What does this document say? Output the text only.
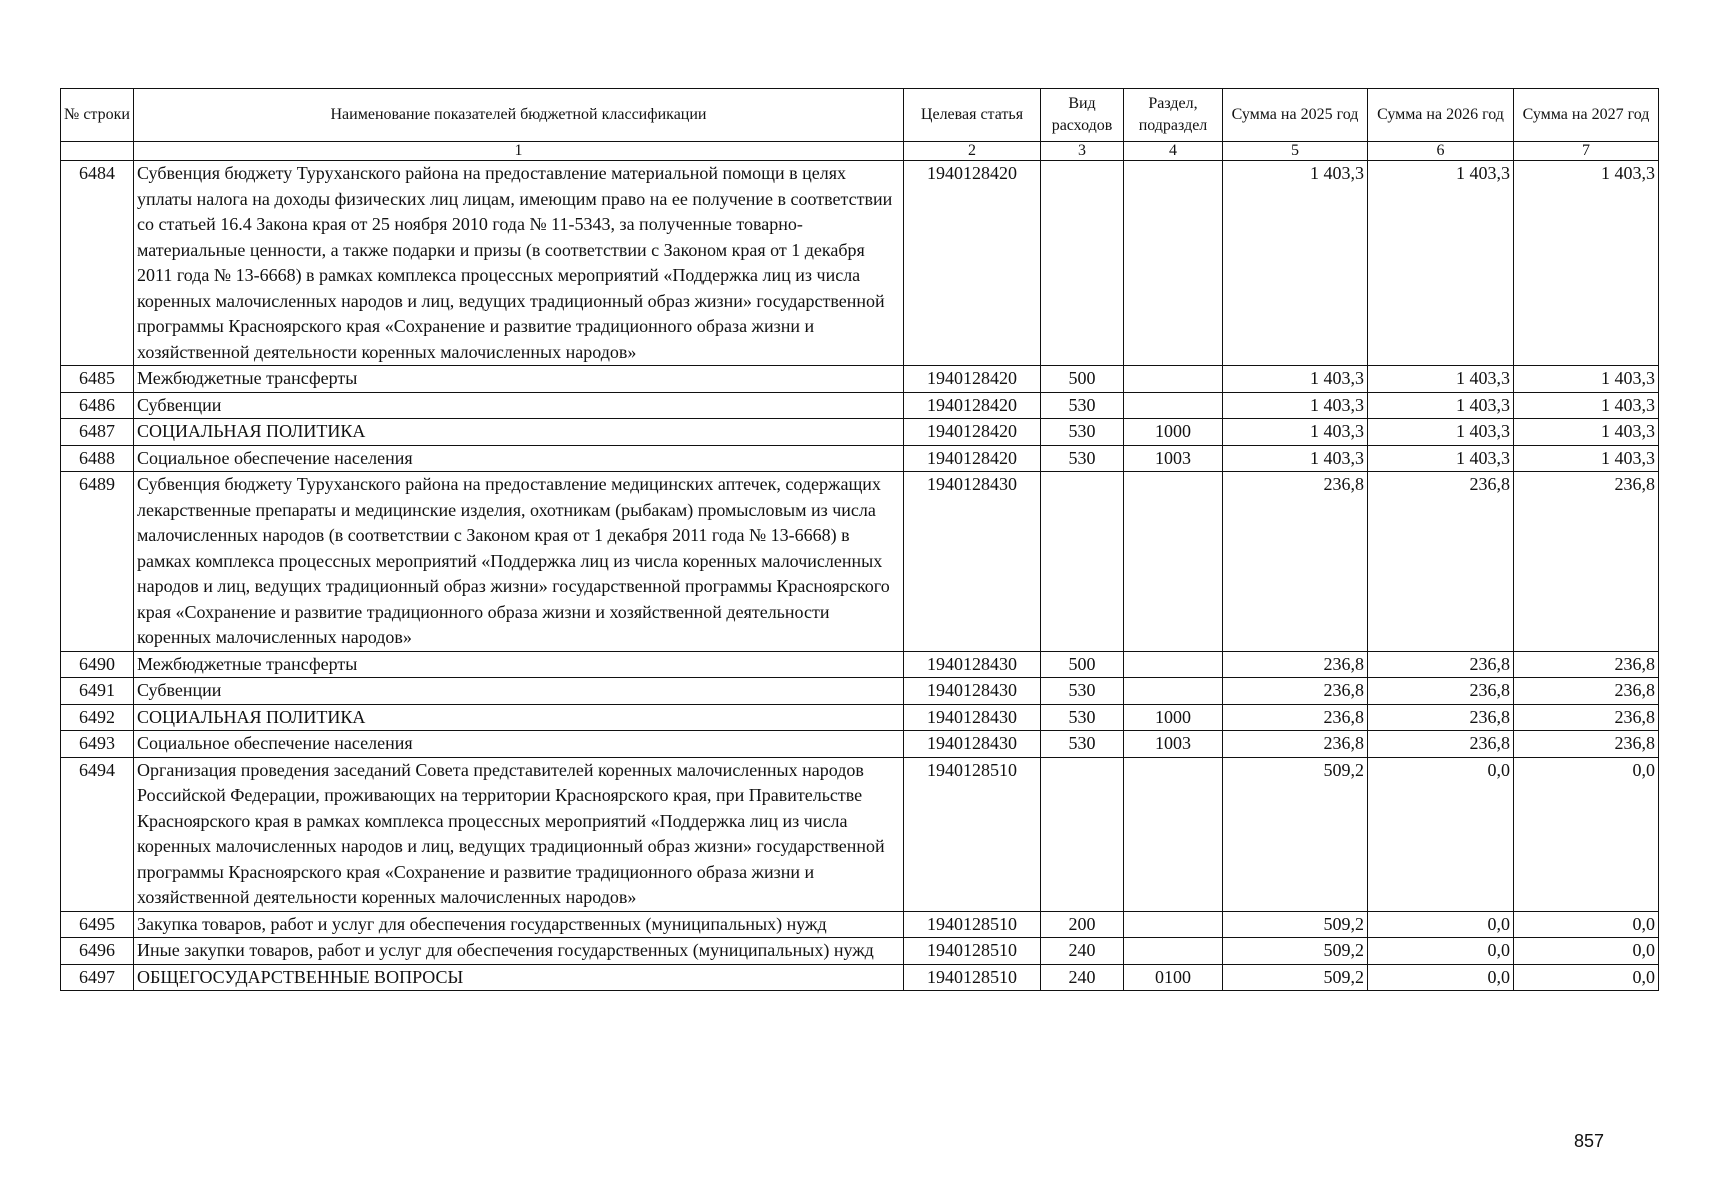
№ строки	Наименование показателей бюджетной классификации	Целевая статья	Вид расходов	Раздел, подраздел	Сумма на 2025 год	Сумма на 2026 год	Сумма на 2027 год
	1	2	3	4	5	6	7
6484	Субвенция бюджету Туруханского района на предоставление материальной помощи в целях уплаты налога на доходы физических лиц лицам, имеющим право на ее получение в соответствии со статьей 16.4 Закона края от 25 ноября 2010 года № 11-5343, за полученные товарно-материальные ценности, а также подарки и призы (в соответствии с Законом края от 1 декабря 2011 года № 13-6668) в рамках комплекса процессных мероприятий «Поддержка лиц из числа коренных малочисленных народов и лиц, ведущих традиционный образ жизни» государственной программы Красноярского края «Сохранение и развитие традиционного образа жизни и хозяйственной деятельности коренных малочисленных народов»	1940128420			1 403,3	1 403,3	1 403,3
6485	Межбюджетные трансферты	1940128420	500		1 403,3	1 403,3	1 403,3
6486	Субвенции	1940128420	530		1 403,3	1 403,3	1 403,3
6487	СОЦИАЛЬНАЯ ПОЛИТИКА	1940128420	530	1000	1 403,3	1 403,3	1 403,3
6488	Социальное обеспечение населения	1940128420	530	1003	1 403,3	1 403,3	1 403,3
6489	Субвенция бюджету Туруханского района на предоставление медицинских аптечек, содержащих лекарственные препараты и медицинские изделия, охотникам (рыбакам) промысловым из числа малочисленных народов (в соответствии с Законом края от 1 декабря 2011 года № 13-6668) в рамках комплекса процессных мероприятий «Поддержка лиц из числа коренных малочисленных народов и лиц, ведущих традиционный образ жизни» государственной программы Красноярского края «Сохранение и развитие традиционного образа жизни и хозяйственной деятельности коренных малочисленных народов»	1940128430			236,8	236,8	236,8
6490	Межбюджетные трансферты	1940128430	500		236,8	236,8	236,8
6491	Субвенции	1940128430	530		236,8	236,8	236,8
6492	СОЦИАЛЬНАЯ ПОЛИТИКА	1940128430	530	1000	236,8	236,8	236,8
6493	Социальное обеспечение населения	1940128430	530	1003	236,8	236,8	236,8
6494	Организация проведения заседаний Совета представителей коренных малочисленных народов Российской Федерации, проживающих на территории Красноярского края, при Правительстве Красноярского края в рамках комплекса процессных мероприятий «Поддержка лиц из числа коренных малочисленных народов и лиц, ведущих традиционный образ жизни» государственной программы Красноярского края «Сохранение и развитие традиционного образа жизни и хозяйственной деятельности коренных малочисленных народов»	1940128510			509,2	0,0	0,0
6495	Закупка товаров, работ и услуг для обеспечения государственных (муниципальных) нужд	1940128510	200		509,2	0,0	0,0
6496	Иные закупки товаров, работ и услуг для обеспечения государственных (муниципальных) нужд	1940128510	240		509,2	0,0	0,0
6497	ОБЩЕГОСУДАРСТВЕННЫЕ ВОПРОСЫ	1940128510	240	0100	509,2	0,0	0,0
857
